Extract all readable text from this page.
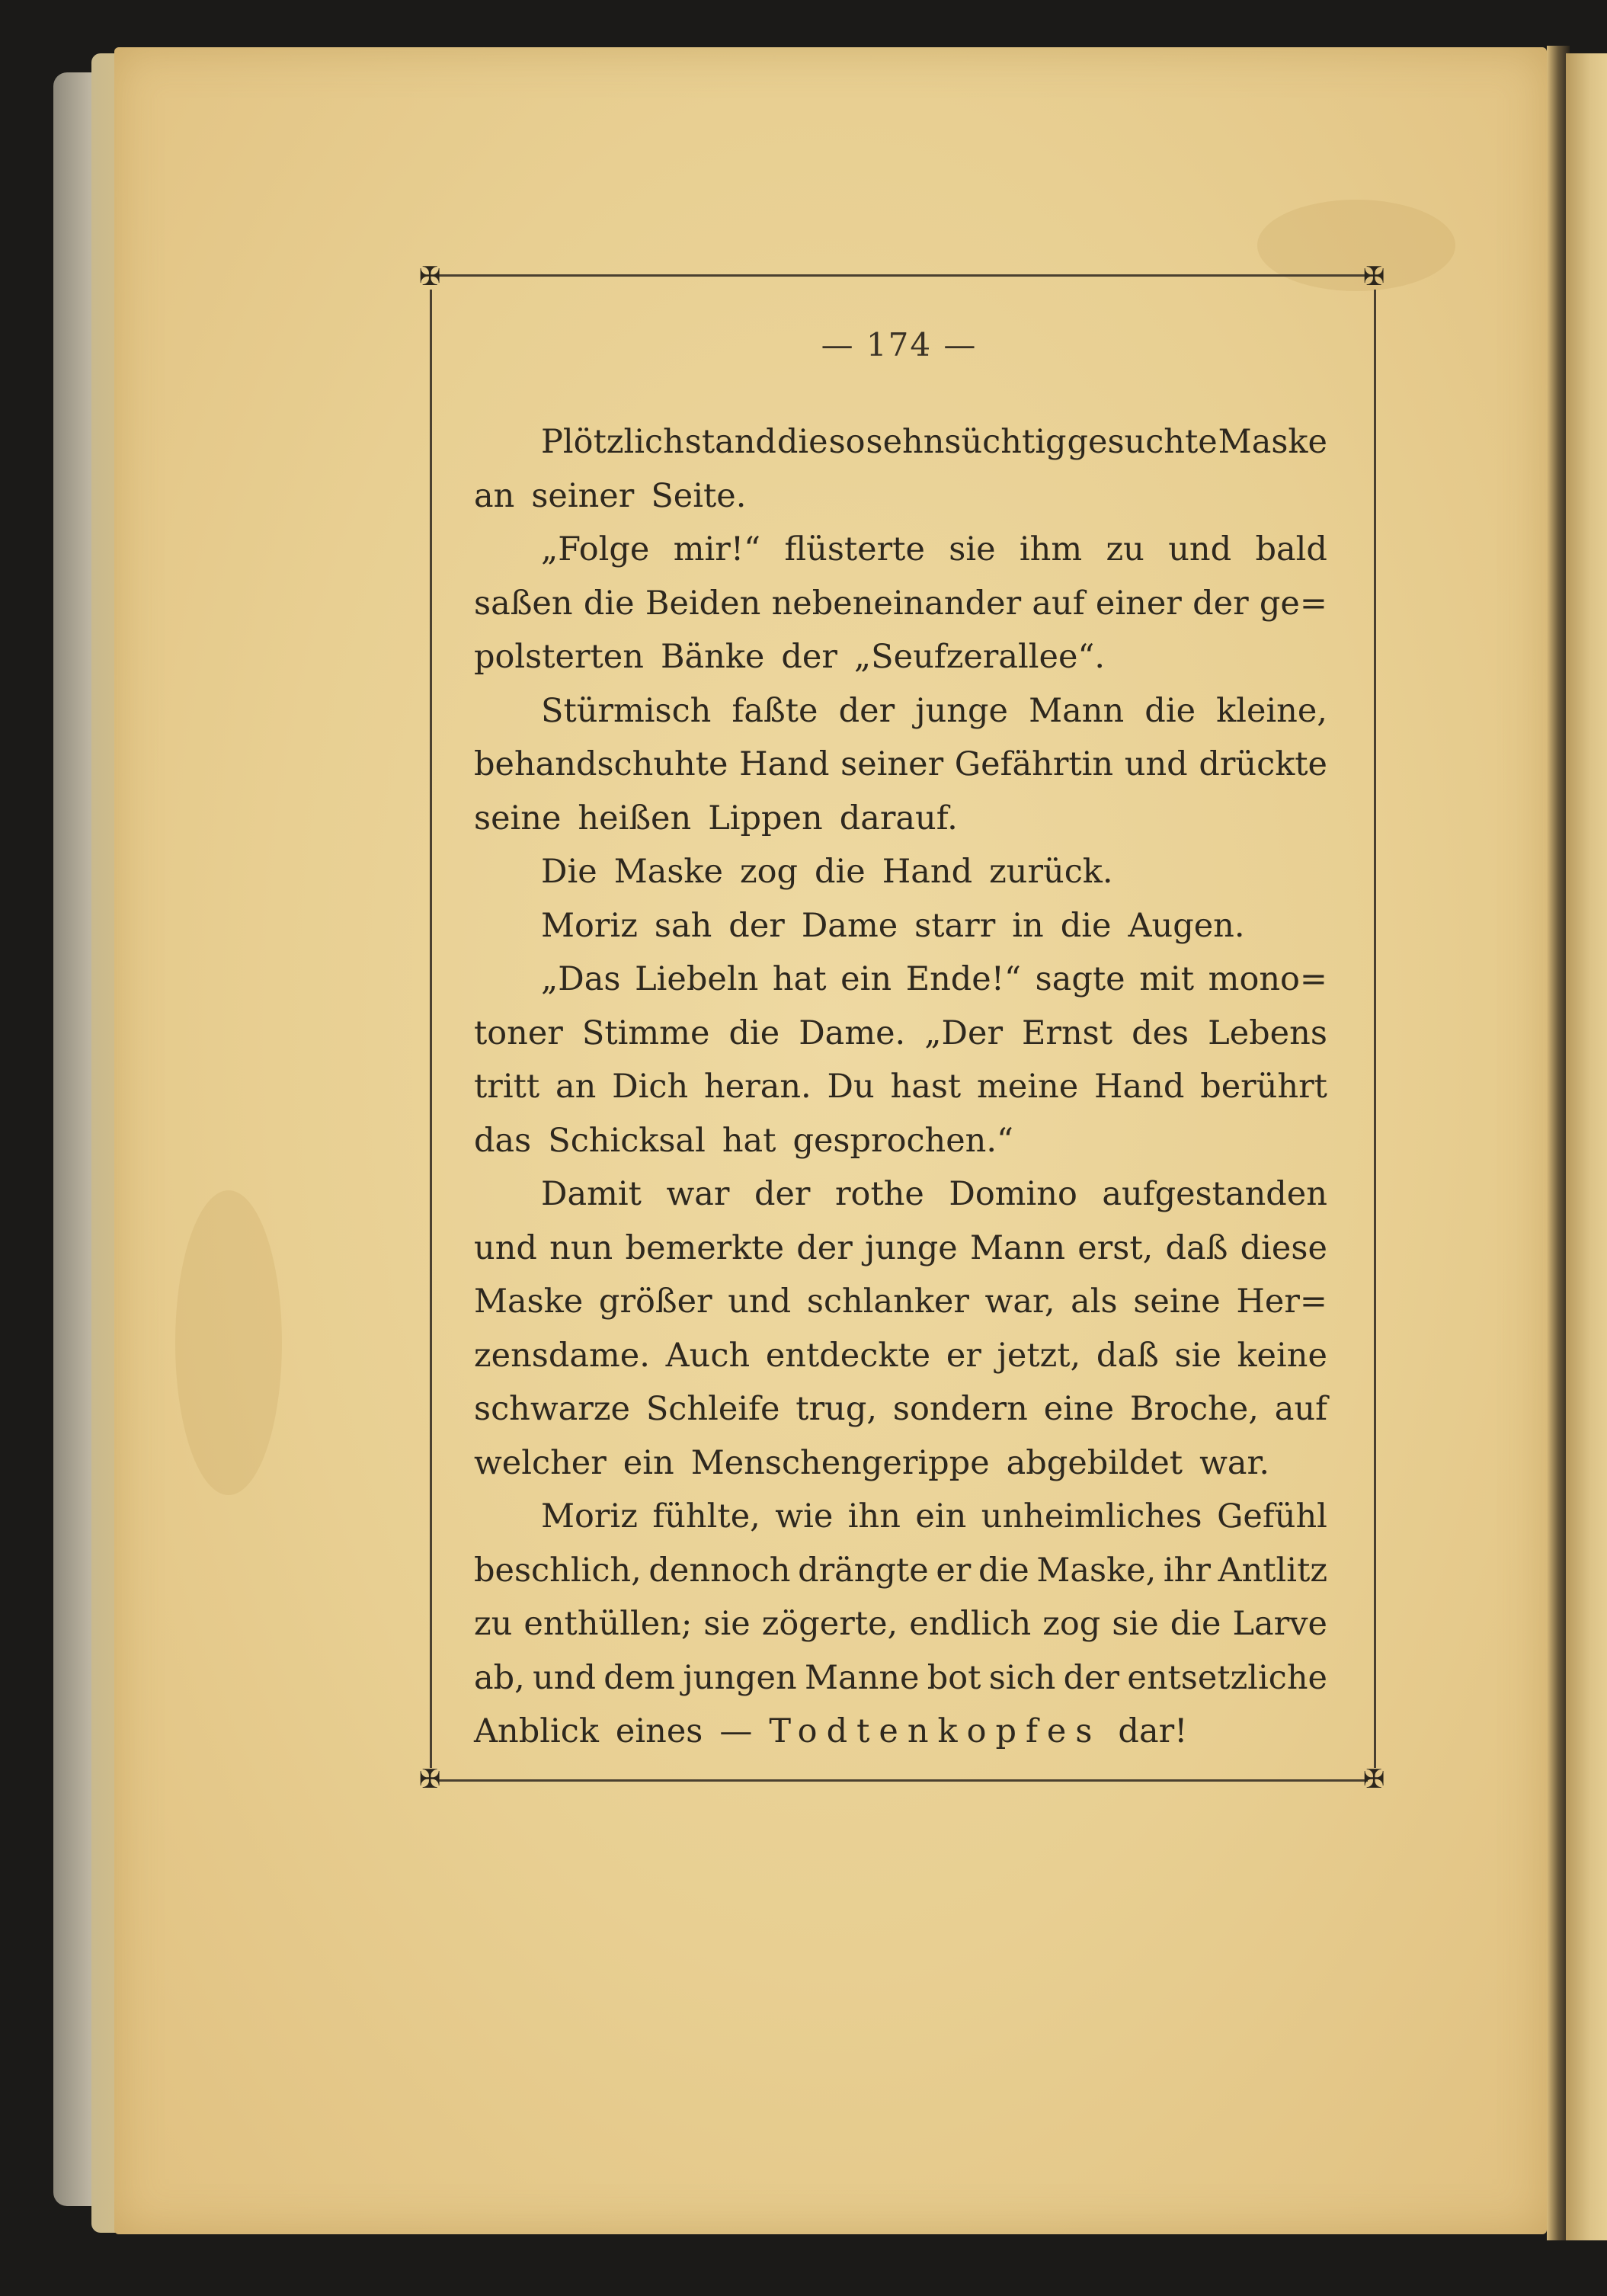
✠	✠
✠	✠
— 174 —
Plötzlich stand die so sehnsüchtig gesuchte Maske
an seiner Seite.
„Folge mir!“ flüsterte sie ihm zu und bald
saßen die Beiden nebeneinander auf einer der ge=
polsterten Bänke der „Seufzerallee“.
Stürmisch faßte der junge Mann die kleine,
behandschuhte Hand seiner Gefährtin und drückte
seine heißen Lippen darauf.
Die Maske zog die Hand zurück.
Moriz sah der Dame starr in die Augen.
„Das Liebeln hat ein Ende!“ sagte mit mono=
toner Stimme die Dame. „Der Ernst des Lebens
tritt an Dich heran. Du hast meine Hand berührt
das Schicksal hat gesprochen.“
Damit war der rothe Domino aufgestanden
und nun bemerkte der junge Mann erst, daß diese
Maske größer und schlanker war, als seine Her=
zensdame. Auch entdeckte er jetzt, daß sie keine
schwarze Schleife trug, sondern eine Broche, auf
welcher ein Menschengerippe abgebildet war.
Moriz fühlte, wie ihn ein unheimliches Gefühl
beschlich, dennoch drängte er die Maske, ihr Antlitz
zu enthüllen; sie zögerte, endlich zog sie die Larve
ab, und dem jungen Manne bot sich der entsetzliche
Anblick eines — Todtenkopfes dar!
